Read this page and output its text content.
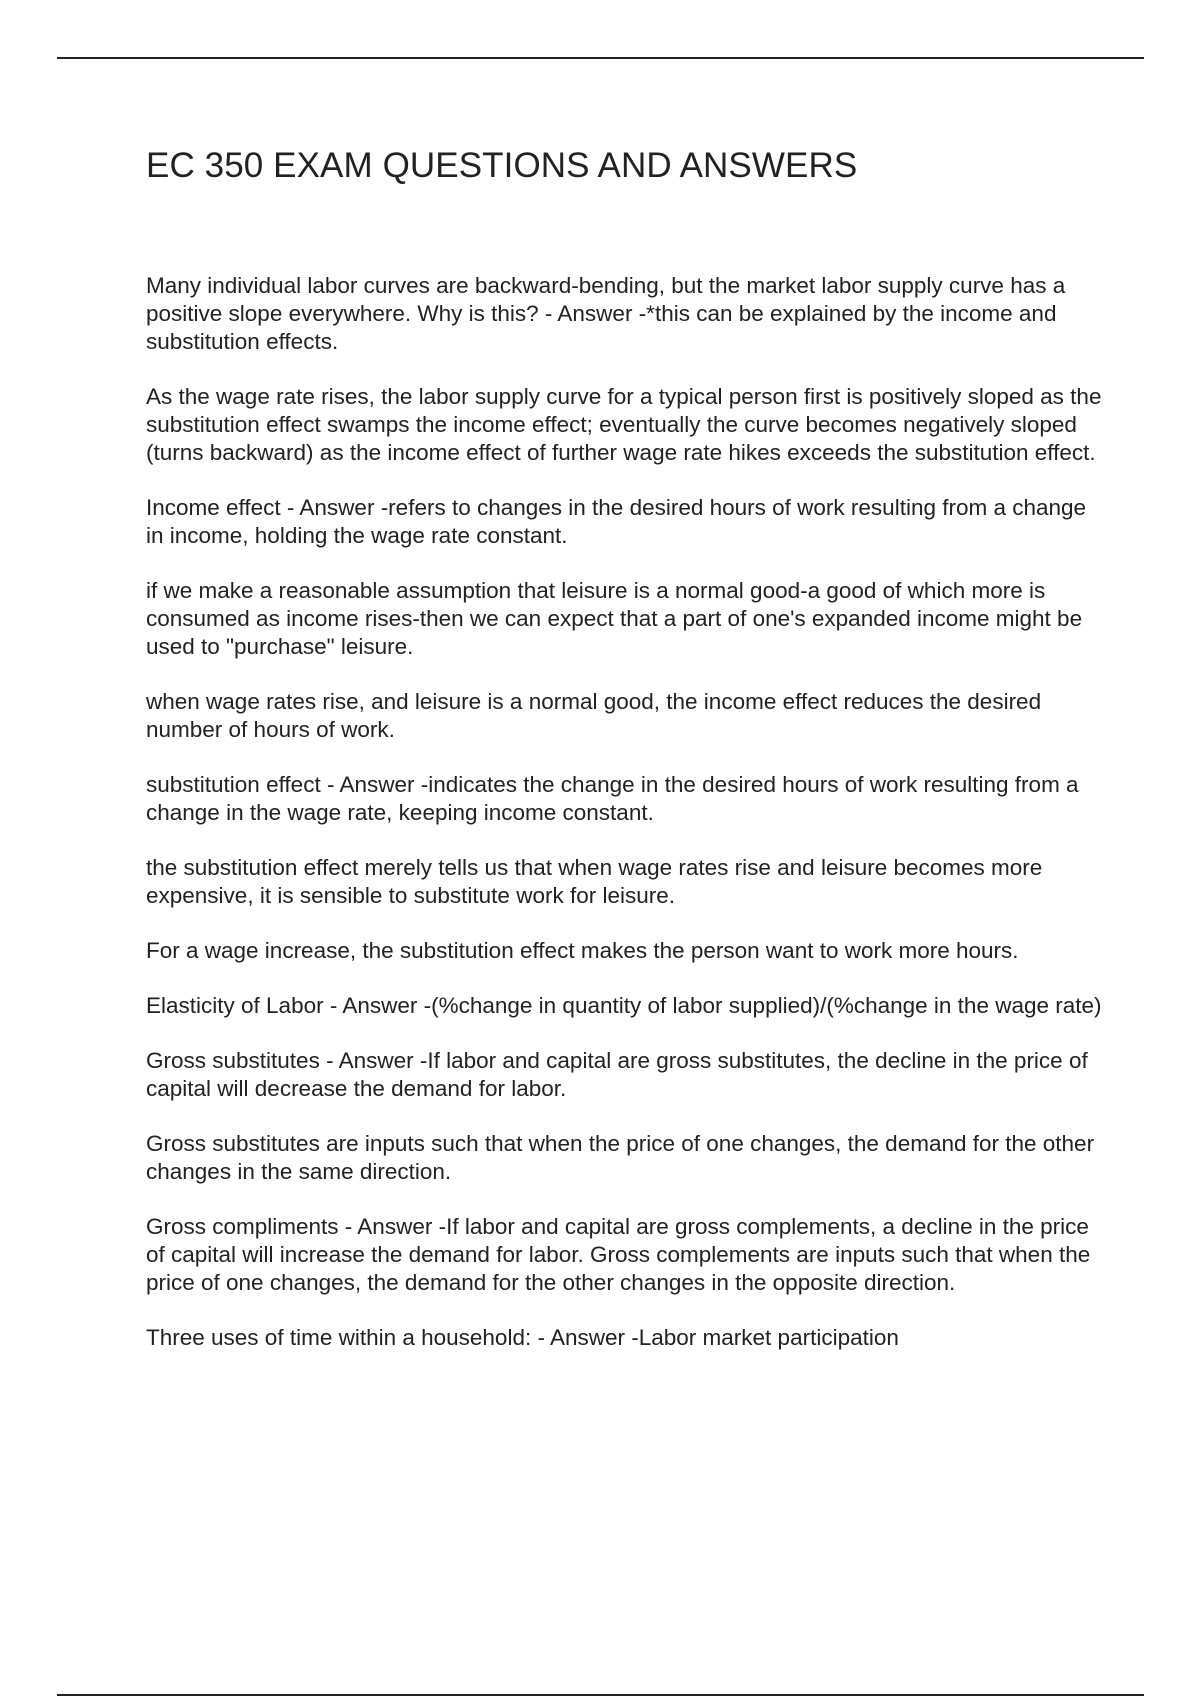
EC 350 EXAM QUESTIONS AND ANSWERS

Many individual labor curves are backward-bending, but the market labor supply curve has a positive slope everywhere. Why is this? - Answer -*this can be explained by the income and substitution effects.

As the wage rate rises, the labor supply curve for a typical person first is positively sloped as the substitution effect swamps the income effect; eventually the curve becomes negatively sloped (turns backward) as the income effect of further wage rate hikes exceeds the substitution effect.

Income effect - Answer -refers to changes in the desired hours of work resulting from a change in income, holding the wage rate constant.

if we make a reasonable assumption that leisure is a normal good-a good of which more is consumed as income rises-then we can expect that a part of one's expanded income might be used to "purchase" leisure.

when wage rates rise, and leisure is a normal good, the income effect reduces the desired number of hours of work.

substitution effect - Answer -indicates the change in the desired hours of work resulting from a change in the wage rate, keeping income constant.

the substitution effect merely tells us that when wage rates rise and leisure becomes more expensive, it is sensible to substitute work for leisure.

For a wage increase, the substitution effect makes the person want to work more hours.

Elasticity of Labor - Answer -(%change in quantity of labor supplied)/(%change in the wage rate)

Gross substitutes - Answer -If labor and capital are gross substitutes, the decline in the price of capital will decrease the demand for labor.

Gross substitutes are inputs such that when the price of one changes, the demand for the other changes in the same direction.

Gross compliments - Answer -If labor and capital are gross complements, a decline in the price of capital will increase the demand for labor. Gross complements are inputs such that when the price of one changes, the demand for the other changes in the opposite direction.

Three uses of time within a household: - Answer -Labor market participation
